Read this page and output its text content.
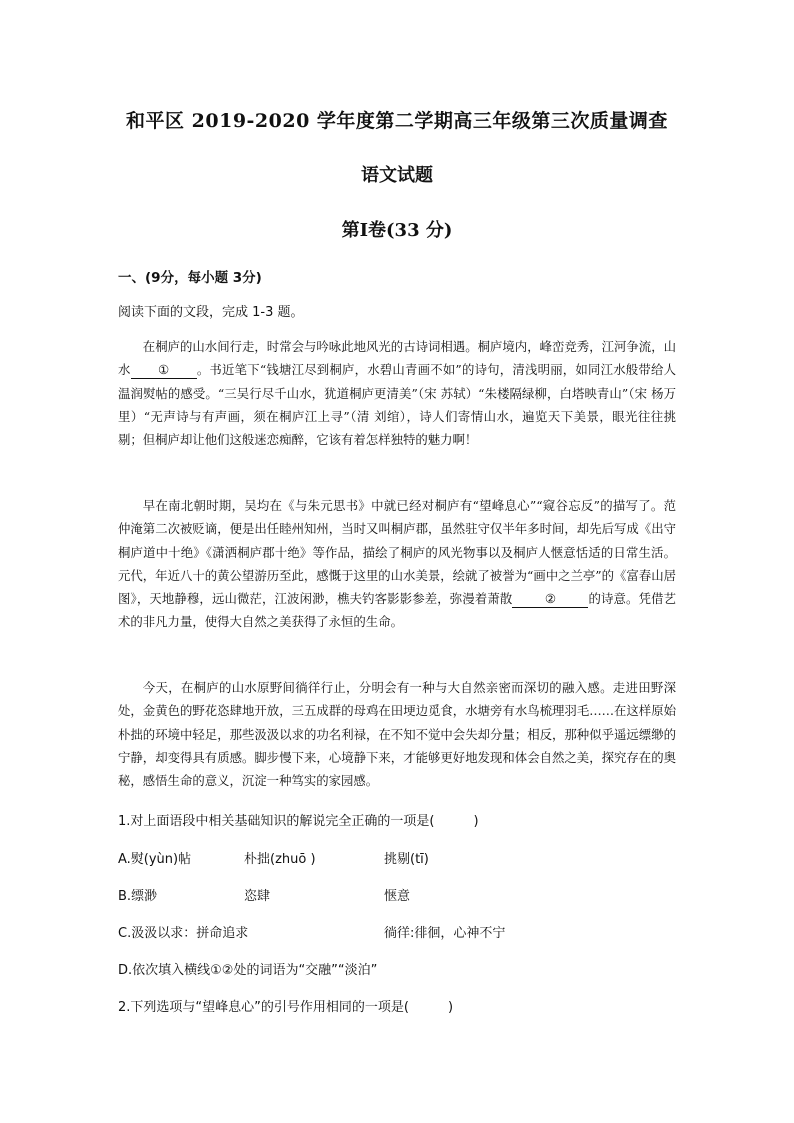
和平区 2019-2020 学年度第二学期高三年级第三次质量调查
语文试题
第Ⅰ卷(33 分)
一、(9分，每小题 3分)
阅读下面的文段，完成 1-3 题。

在桐庐的山水间行走，时常会与吟咏此地风光的古诗词相遇。桐庐境内，峰峦竞秀，江河争流，山水 ① 。书近笔下“钱塘江尽到桐庐，水碧山青画不如”的诗句，清浅明丽，如同江水般带给人温润熨帖的感受。“三吴行尽千山水，犹道桐庐更清美”（宋 苏轼）“朱楼隔绿柳，白塔映青山”（宋 杨万里）“无声诗与有声画，须在桐庐江上寻”（清 刘绾），诗人们寄情山水，遍览天下美景，眼光往往挑剔；但桐庐却让他们这般迷恋痴醉，它该有着怎样独特的魅力啊！

早在南北朝时期，吴均在《与朱元思书》中就已经对桐庐有“望峰息心”“窥谷忘反”的描写了。范仲淹第二次被贬谪，便是出任睦州知州，当时又叫桐庐郡，虽然驻守仅半年多时间，却先后写成《出守桐庐道中十绝》《潇洒桐庐郡十绝》等作品，描绘了桐庐的风光物事以及桐庐人惬意恬适的日常生活。元代，年近八十的黄公望游历至此，感慨于这里的山水美景，绘就了被誉为“画中之兰亭”的《富春山居图》，天地静穆，远山微茫，江波闲渺，樵夫钓客影影参差，弥漫着萧散	②	的诗意。凭借艺术的非凡力量，使得大自然之美获得了永恒的生命。

今天，在桐庐的山水原野间徜徉行止，分明会有一种与大自然亲密而深切的融入感。走进田野深处，金黄色的野花恣肆地开放，三五成群的母鸡在田埂边觅食，水塘旁有水鸟梳理羽毛……在这样原始朴拙的环境中轻足，那些汲汲以求的功名利禄，在不知不觉中会失却分量；相反，那种似乎遥远缥缈的宁静，却变得具有质感。脚步慢下来，心境静下来，才能够更好地发现和体会自然之美，探究存在的奥秘，感悟生命的意义，沉淀一种笃实的家园感。

1.对上面语段中相关基础知识的解说完全正确的一项是(　　　)
A.熨(yùn)帖	朴拙(zhuō )	挑剔(tī)
B.缥渺	恣肆	惬意
C.汲汲以求：拼命追求	徜徉:徘徊，心神不宁
D.依次填入横线①②处的词语为“交融”“淡泊”
2.下列选项与“望峰息心”的引号作用相同的一项是(　　　)
